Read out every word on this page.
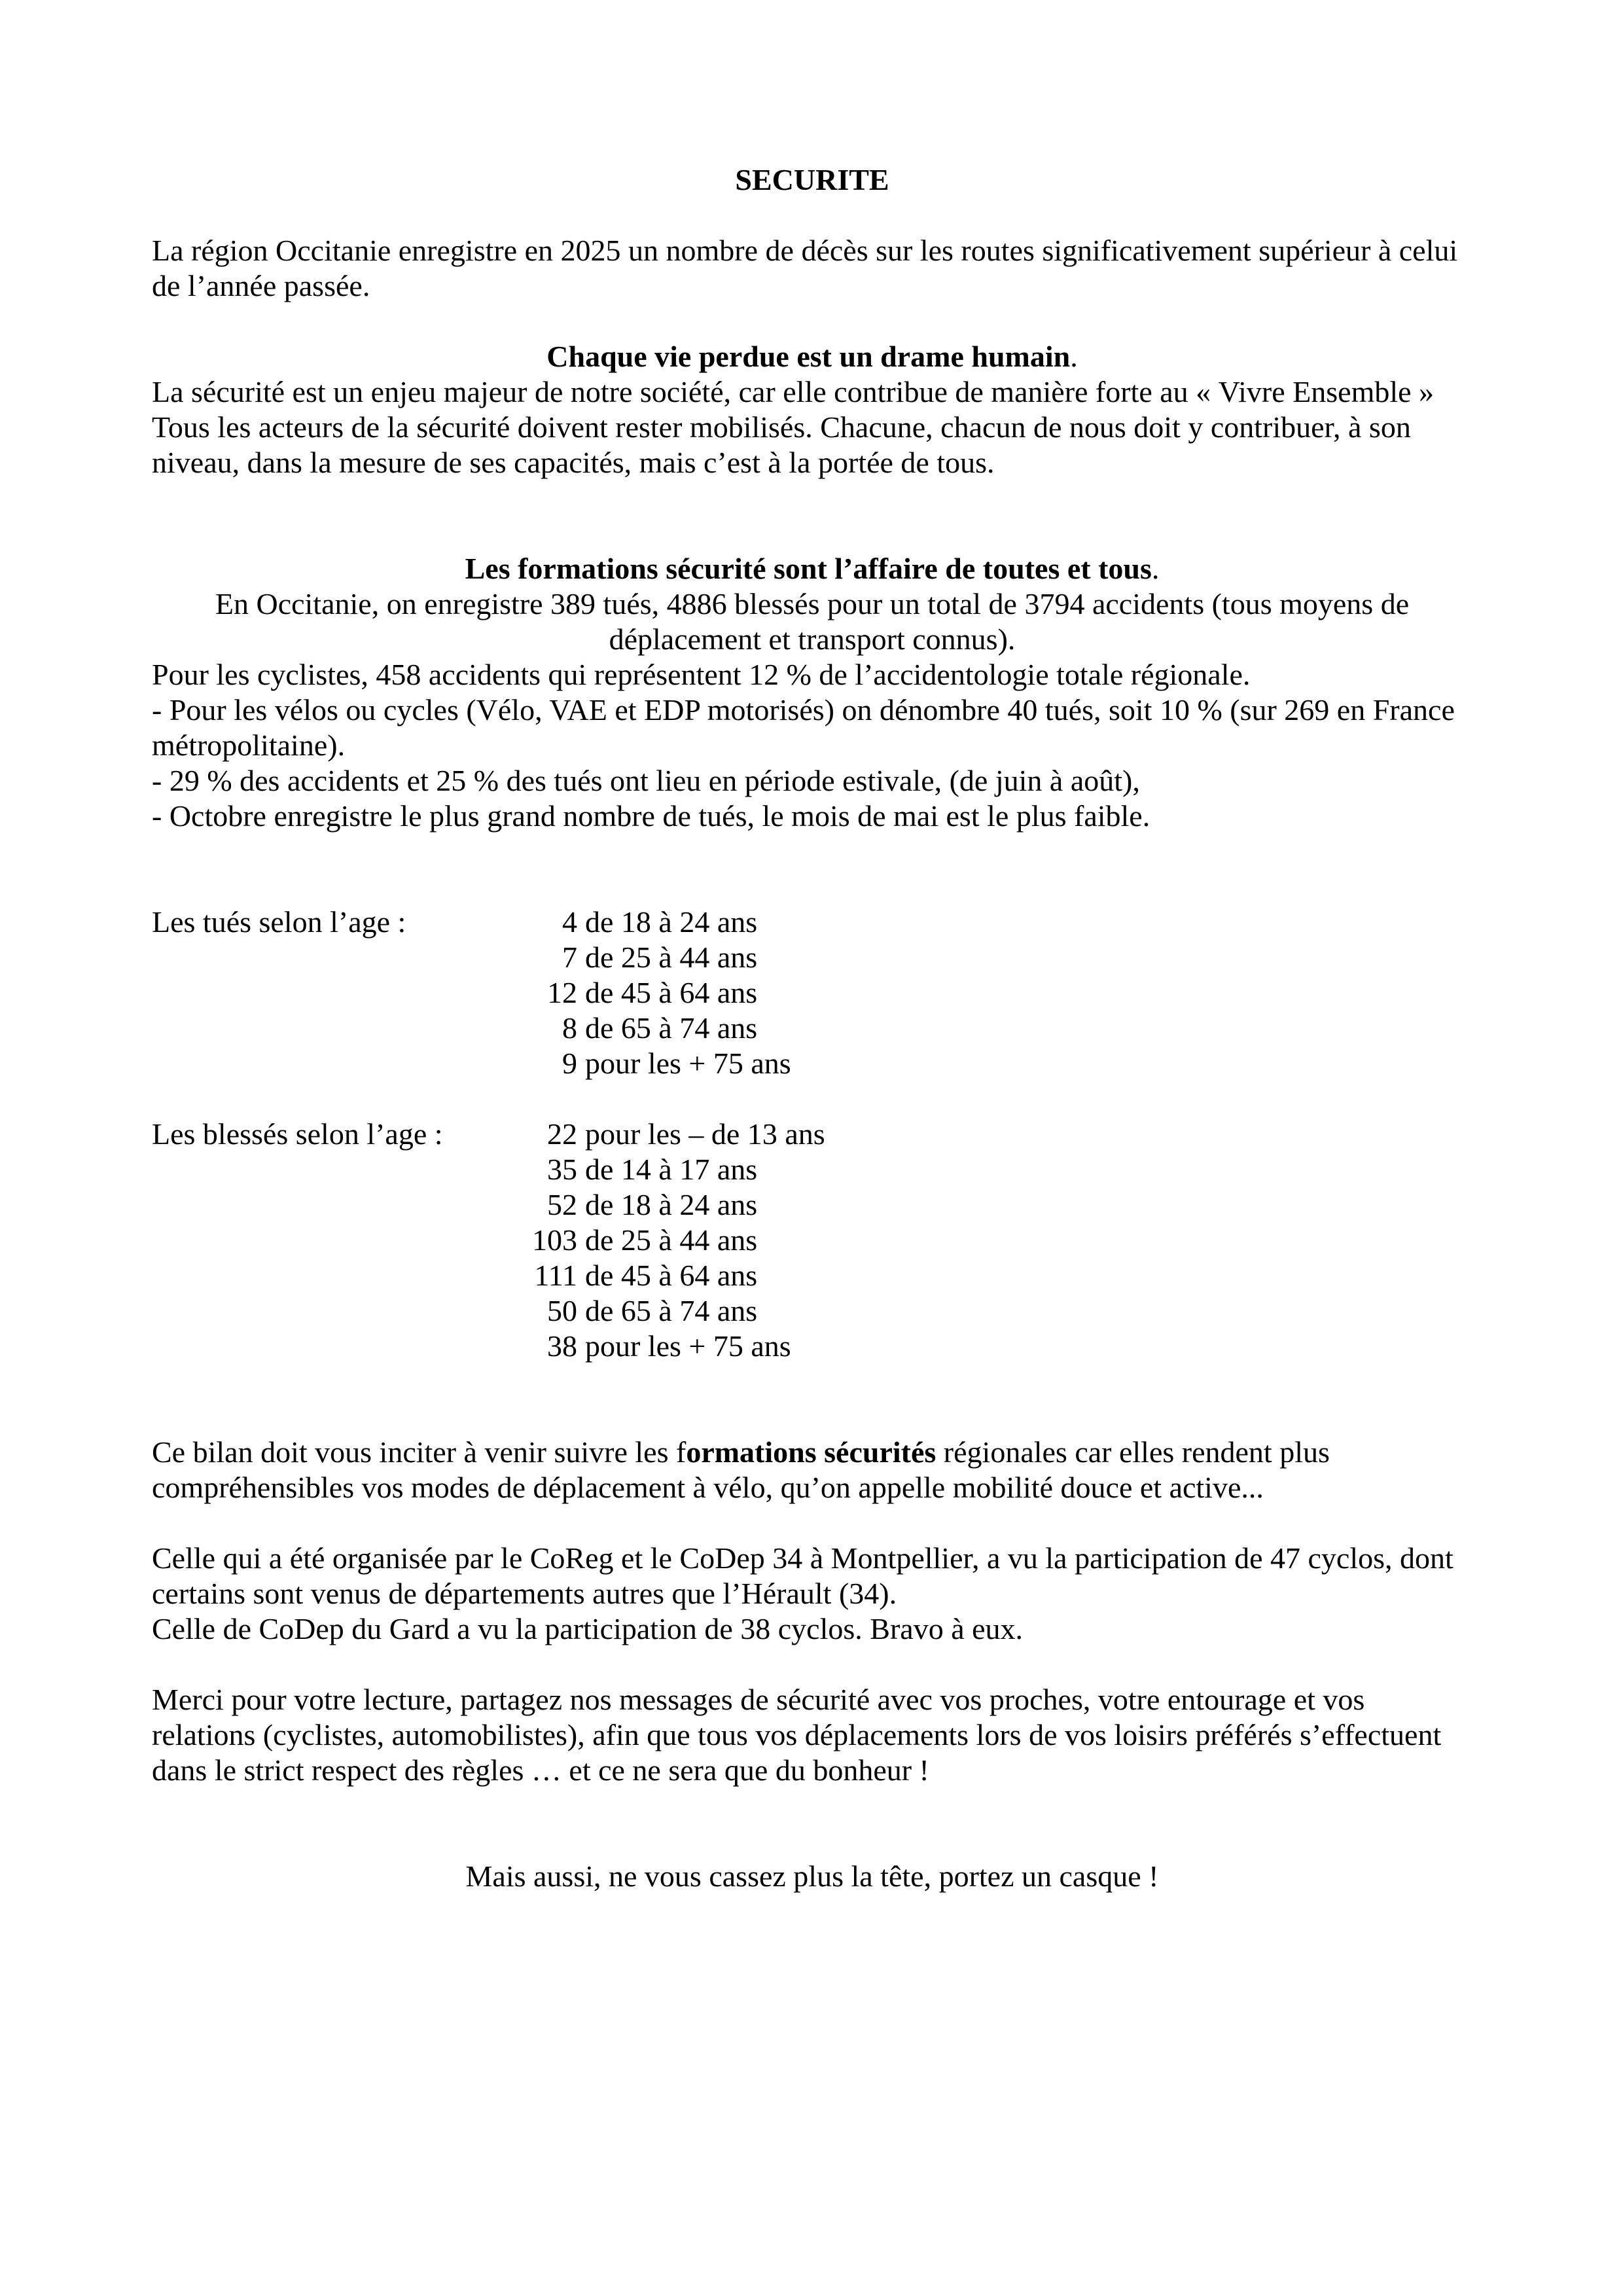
SECURITE
La région Occitanie enregistre en 2025 un nombre de décès sur les routes significativement supérieur à celui de l’année passée.
Chaque vie perdue est un drame humain.
La sécurité est un enjeu majeur de notre société, car elle contribue de manière forte au « Vivre Ensemble » Tous les acteurs de la sécurité doivent rester mobilisés. Chacune, chacun de nous doit y contribuer, à son niveau, dans la mesure de ses capacités, mais c’est à la portée de tous.
Les formations sécurité sont l’affaire de toutes et tous.
En Occitanie, on enregistre 389 tués, 4886 blessés pour un total de 3794 accidents (tous moyens de déplacement et transport connus).
Pour les cyclistes, 458 accidents qui représentent 12 % de l’accidentologie totale régionale.
- Pour les vélos ou cycles (Vélo, VAE et EDP motorisés) on dénombre 40 tués, soit 10 % (sur 269 en France métropolitaine).
- 29 % des accidents et 25 % des tués ont lieu en période estivale, (de juin à août),
- Octobre enregistre le plus grand nombre de tués, le mois de mai est le plus faible.
Les tués selon l’age :	4 de 18 à 24 ans
7 de 25 à 44 ans
12 de 45 à 64 ans
8 de 65 à 74 ans
9 pour les + 75 ans
Les blessés selon l’age :	22 pour les – de 13 ans
35 de 14 à 17 ans
52 de 18 à 24 ans
103 de 25 à 44 ans
111 de 45 à 64 ans
50 de 65 à 74 ans
38 pour les + 75 ans
Ce bilan doit vous inciter à venir suivre les formations sécurités régionales car elles rendent plus compréhensibles vos modes de déplacement à vélo, qu’on appelle mobilité douce et active...
Celle qui a été organisée par le CoReg et le CoDep 34 à Montpellier, a vu la participation de 47 cyclos, dont certains sont venus de départements autres que l’Hérault (34).
Celle de CoDep du Gard a vu la participation de 38 cyclos. Bravo à eux.
Merci pour votre lecture, partagez nos messages de sécurité avec vos proches, votre entourage et vos relations (cyclistes, automobilistes), afin que tous vos déplacements lors de vos loisirs préférés s’effectuent dans le strict respect des règles … et ce ne sera que du bonheur !
Mais aussi, ne vous cassez plus la tête, portez un casque !
